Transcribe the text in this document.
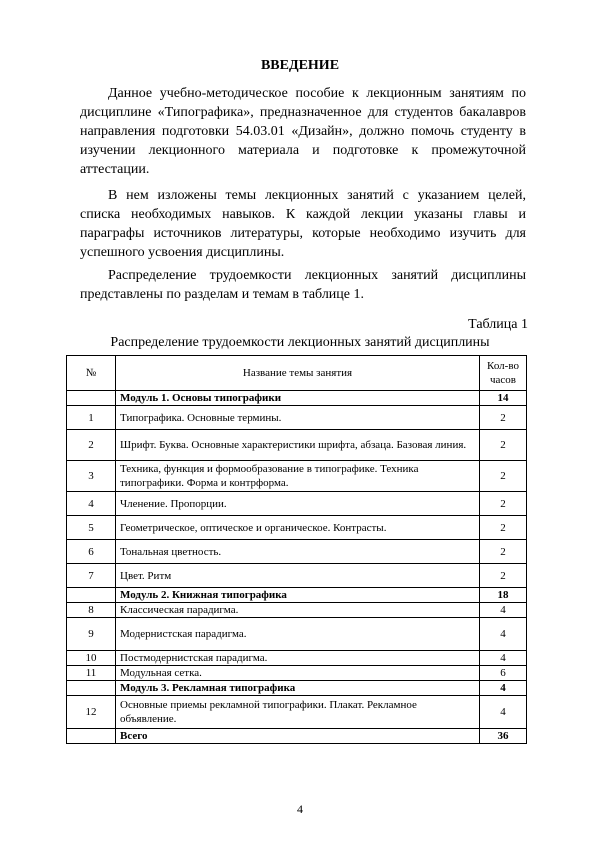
ВВЕДЕНИЕ

Данное учебно-методическое пособие к лекционным занятиям по дисциплине «Типографика», предназначенное для студентов бакалавров направления подготовки 54.03.01 «Дизайн», должно помочь студенту в изучении лекционного материала и подготовке к промежуточной аттестации.

В нем изложены темы лекционных занятий с указанием целей, списка необходимых навыков. К каждой лекции указаны главы и параграфы источников литературы, которые необходимо изучить для успешного усвоения дисциплины.

Распределение трудоемкости лекционных занятий дисциплины представлены по разделам и темам в таблице 1.

Таблица 1
Распределение трудоемкости лекционных занятий дисциплины
№	Название темы занятия	Кол-во часов
	Модуль 1. Основы типографики	14
1	Типографика. Основные термины.	2
2	Шрифт. Буква. Основные характеристики шрифта, абзаца. Базовая линия.	2
3	Техника, функция и формообразование в типографике. Техника типографики. Форма и контрформа.	2
4	Членение. Пропорции.	2
5	Геометрическое, оптическое и органическое. Контрасты.	2
6	Тональная цветность.	2
7	Цвет. Ритм	2
	Модуль 2. Книжная типографика	18
8	Классическая парадигма.	4
9	Модернистская парадигма.	4
10	Постмодернистская парадигма.	4
11	Модульная сетка.	6
	Модуль 3. Рекламная типографика	4
12	Основные приемы рекламной типографики. Плакат. Рекламное объявление.	4
	Всего	36
4
